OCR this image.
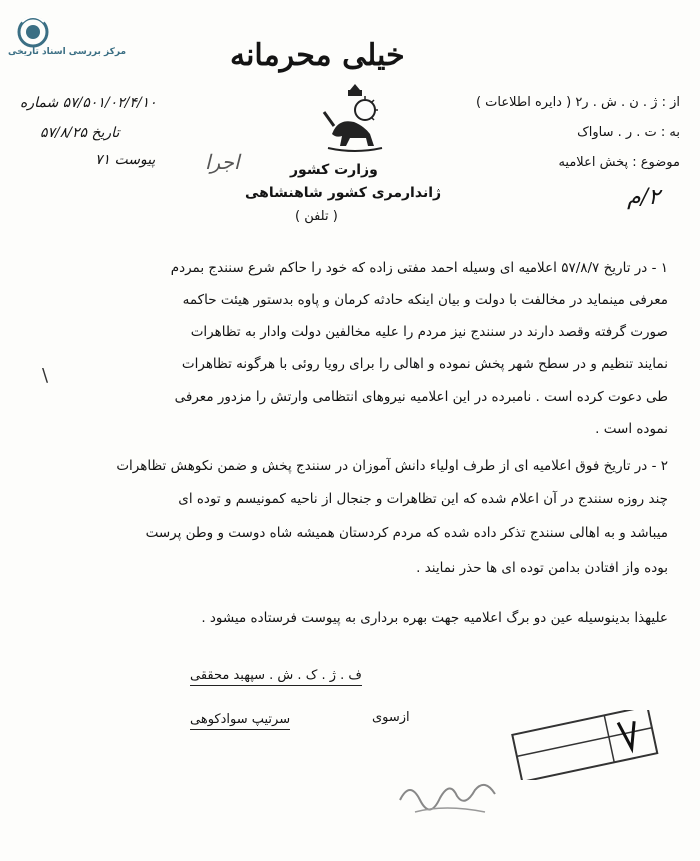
مرکز بررسی اسناد تاریخی	خیلی محرمانه
۵۷/۵۰۱/۰۲/۴/۱۰ شماره
تاریخ ۵۷/۸/۲۵
پیوست ۷۱ اجرا	وزارت کشور
ژاندارمری کشور شاهنشاهی
( تلفن )
از : ژ . ن . ش . ر۲ ( دایره اطلاعات )
به : ت . ر . ساواک
موضوع : پخش اعلامیه
۲/م
۱ - در تاریخ ۵۷/۸/۷ اعلامیه ای وسیله احمد مفتی زاده که خود را حاکم شرع سنندج بمردم
معرفی مینماید در مخالفت با دولت و بیان اینکه حادثه کرمان و پاوه بدستور هیئت حاکمه
صورت گرفته وقصد دارند در سنندج نیز مردم را علیه مخالفین دولت وادار به تظاهرات
نمایند تنظیم و در سطح شهر پخش نموده و اهالی را برای رویا روئی با هرگونه تظاهرات
طی دعوت کرده است . نامبرده در این اعلامیه نیروهای انتظامی وارتش را مزدور معرفی
نموده است .
۲ - در تاریخ فوق اعلامیه ای از طرف اولیاء دانش آموزان در سنندج پخش و ضمن نکوهش تظاهرات
چند روزه سنندج در آن اعلام شده که این تظاهرات و جنجال از ناحیه کمونیسم و توده ای
میباشد و به اهالی سنندج تذکر داده شده که مردم کردستان همیشه شاه دوست و وطن پرست
بوده واز افتادن بدامن توده ای ها حذر نمایند .
علیهذا بدینوسیله عین دو برگ اعلامیه جهت بهره برداری به پیوست فرستاده میشود .
\
ف . ژ . ک . ش . سپهبد محققی
سرتیپ سوادکوهی	ازسوی
